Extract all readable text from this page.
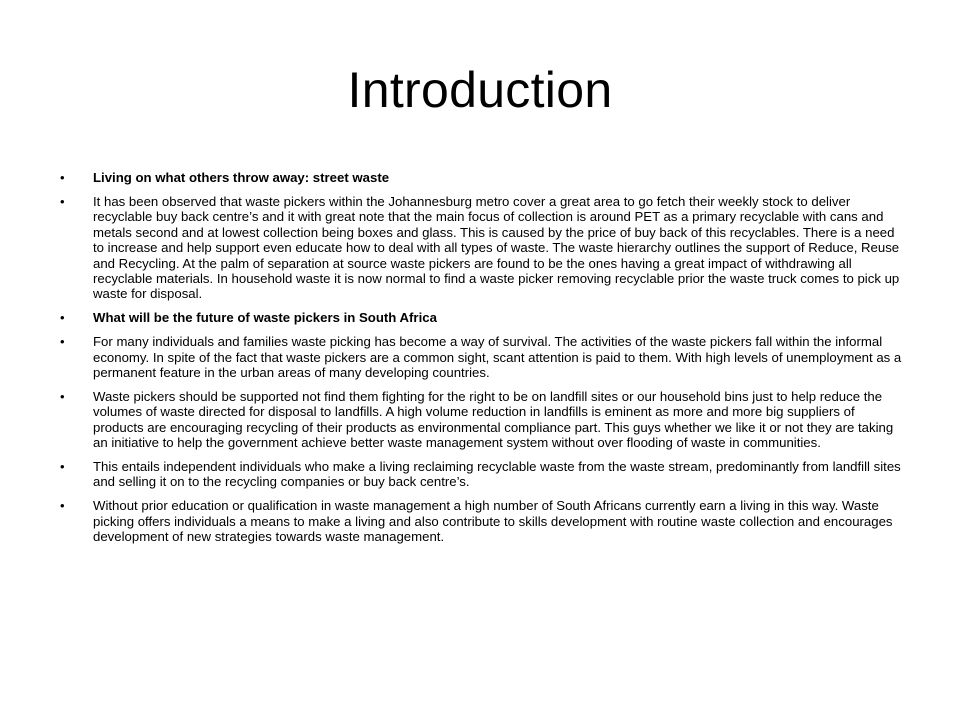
Introduction
•	Living on what others throw away: street waste
•	It has been observed that waste pickers within the Johannesburg metro cover a great area to go fetch their weekly stock to deliver recyclable buy back centre’s and it with great note that the main focus of collection is around PET as a primary recyclable with cans and metals second and at lowest collection being boxes and glass. This is caused by the price of buy back of this recyclables. There is a need to increase and help support even educate how to deal with all types of waste. The waste hierarchy outlines the support of Reduce, Reuse and Recycling. At the palm of separation at source waste pickers are found to be the ones having a great impact of withdrawing all recyclable materials. In household waste it is now normal to find a waste picker removing recyclable prior the waste truck comes to pick up waste for disposal.
•	What will be the future of waste pickers in South Africa
•	For many individuals and families waste picking has become a way of survival. The activities of the waste pickers fall within the informal economy. In spite of the fact that waste pickers are a common sight, scant attention is paid to them. With high levels of unemployment as a permanent feature in the urban areas of many developing countries.
•	Waste pickers should be supported not find them fighting for the right to be on landfill sites or our household bins just to help reduce the volumes of waste directed for disposal to landfills. A high volume reduction in landfills is eminent as more and more big suppliers of products are encouraging recycling of their products as environmental compliance part. This guys whether we like it or not they are taking an initiative to help the government achieve better waste management system without over flooding of waste in communities.
•	This entails independent individuals who make a living reclaiming recyclable waste from the waste stream, predominantly from landfill sites and selling it on to the recycling companies or buy back centre’s.
•	Without prior education or qualification in waste management a high number of South Africans currently earn a living in this way. Waste picking offers individuals a means to make a living and also contribute to skills development with routine waste collection and encourages development of new strategies towards waste management.
